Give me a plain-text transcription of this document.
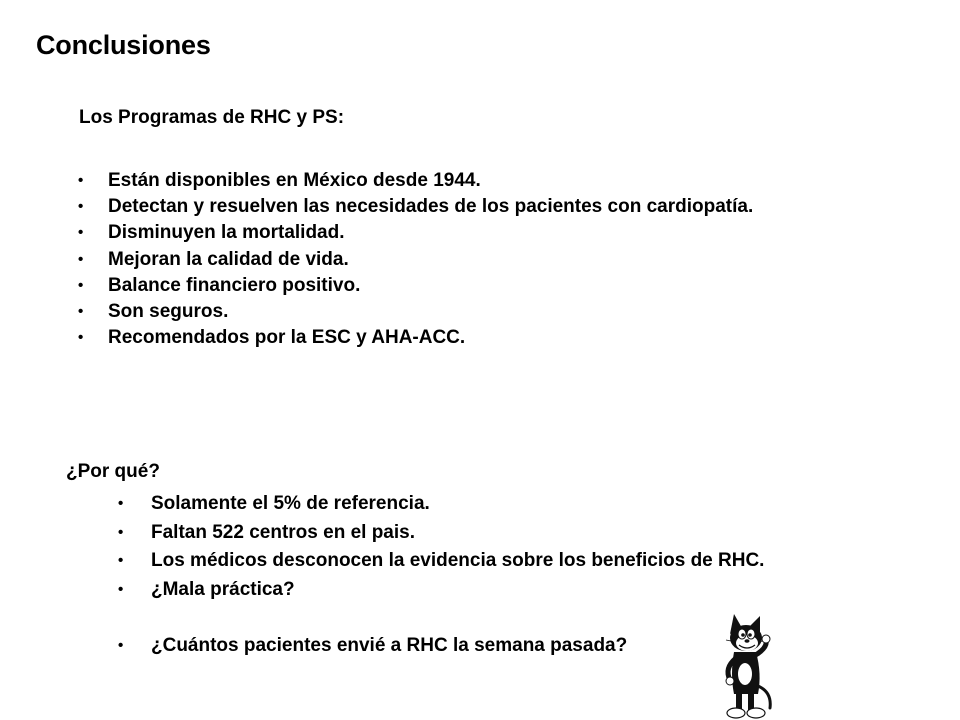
Conclusiones
Los Programas de RHC y PS:
• Están disponibles en México desde 1944.
• Detectan y resuelven las necesidades de los pacientes con cardiopatía.
• Disminuyen la mortalidad.
• Mejoran la calidad de vida.
• Balance financiero positivo.
• Son seguros.
• Recomendados por la ESC y AHA-ACC.
¿Por qué?
• Solamente el 5% de referencia.
• Faltan 522 centros en el pais.
• Los médicos desconocen la evidencia sobre los beneficios de RHC.
• ¿Mala práctica?
• ¿Cuántos pacientes envié a RHC la semana pasada?
